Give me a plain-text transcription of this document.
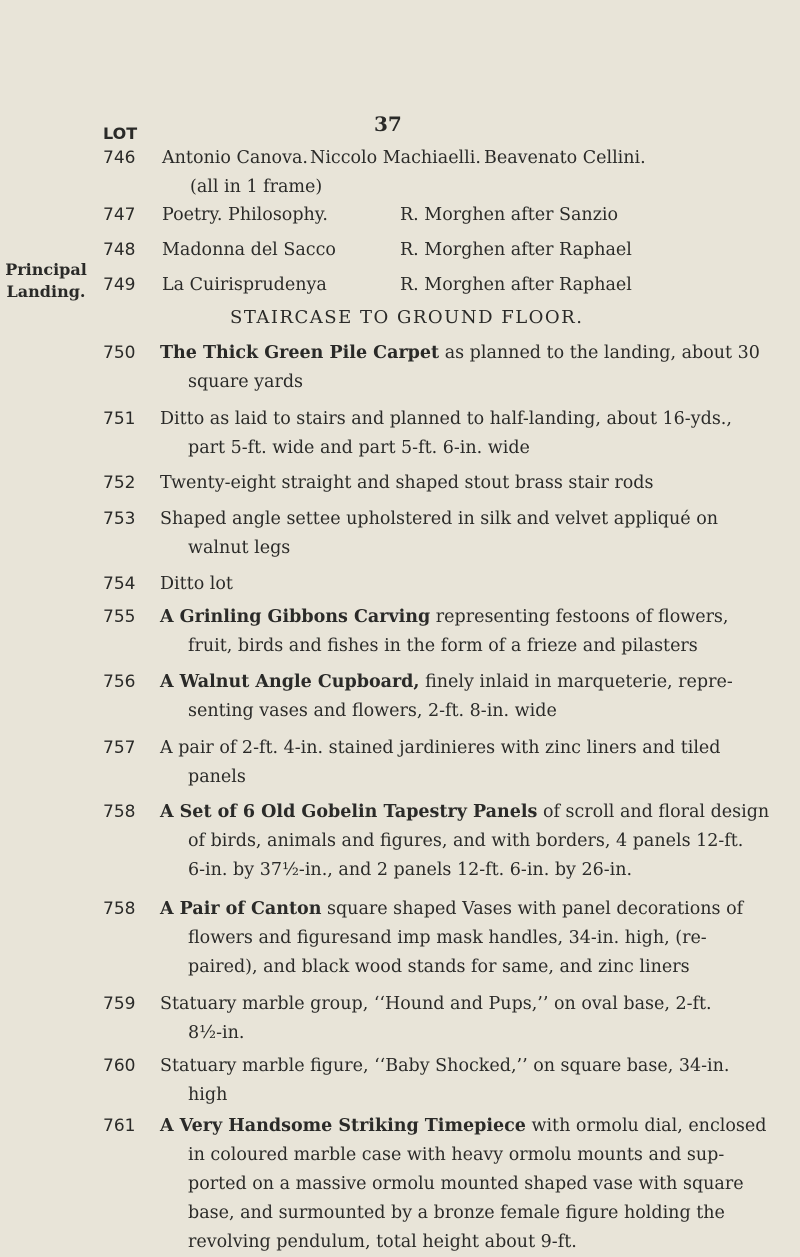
37
Principal
Landing.
LOT
746 Antonio Canova. Niccolo Machiaelli. Beavenato Cellini.
(all in 1 frame)
747 Poetry. Philosophy.	R. Morghen after Sanzio
748 Madonna del Sacco	R. Morghen after Raphael
749 La Cuirisprudenya	R. Morghen after Raphael
STAIRCASE TO GROUND FLOOR.
750 The Thick Green Pile Carpet as planned to the landing, about 30
square yards
751 Ditto as laid to stairs and planned to half-landing, about 16-yds.,
part 5-ft. wide and part 5-ft. 6-in. wide
752 Twenty-eight straight and shaped stout brass stair rods
753 Shaped angle settee upholstered in silk and velvet appliqué on
walnut legs
754 Ditto lot
755 A Grinling Gibbons Carving representing festoons of flowers,
fruit, birds and fishes in the form of a frieze and pilasters
756 A Walnut Angle Cupboard, finely inlaid in marqueterie, repre-
senting vases and flowers, 2-ft. 8-in. wide
757 A pair of 2-ft. 4-in. stained jardinieres with zinc liners and tiled
panels
758 A Set of 6 Old Gobelin Tapestry Panels of scroll and floral design
of birds, animals and figures, and with borders, 4 panels 12-ft.
6-in. by 37½-in., and 2 panels 12-ft. 6-in. by 26-in.
758 A Pair of Canton square shaped Vases with panel decorations of
flowers and figuresand imp mask handles, 34-in. high, (re-
paired), and black wood stands for same, and zinc liners
759 Statuary marble group, ‘‘Hound and Pups,’’ on oval base, 2-ft.
8½-in.
760 Statuary marble figure, ‘‘Baby Shocked,’’ on square base, 34-in.
high
761 A Very Handsome Striking Timepiece with ormolu dial, enclosed
in coloured marble case with heavy ormolu mounts and sup-
ported on a massive ormolu mounted shaped vase with square
base, and surmounted by a bronze female figure holding the
revolving pendulum, total height about 9-ft.
